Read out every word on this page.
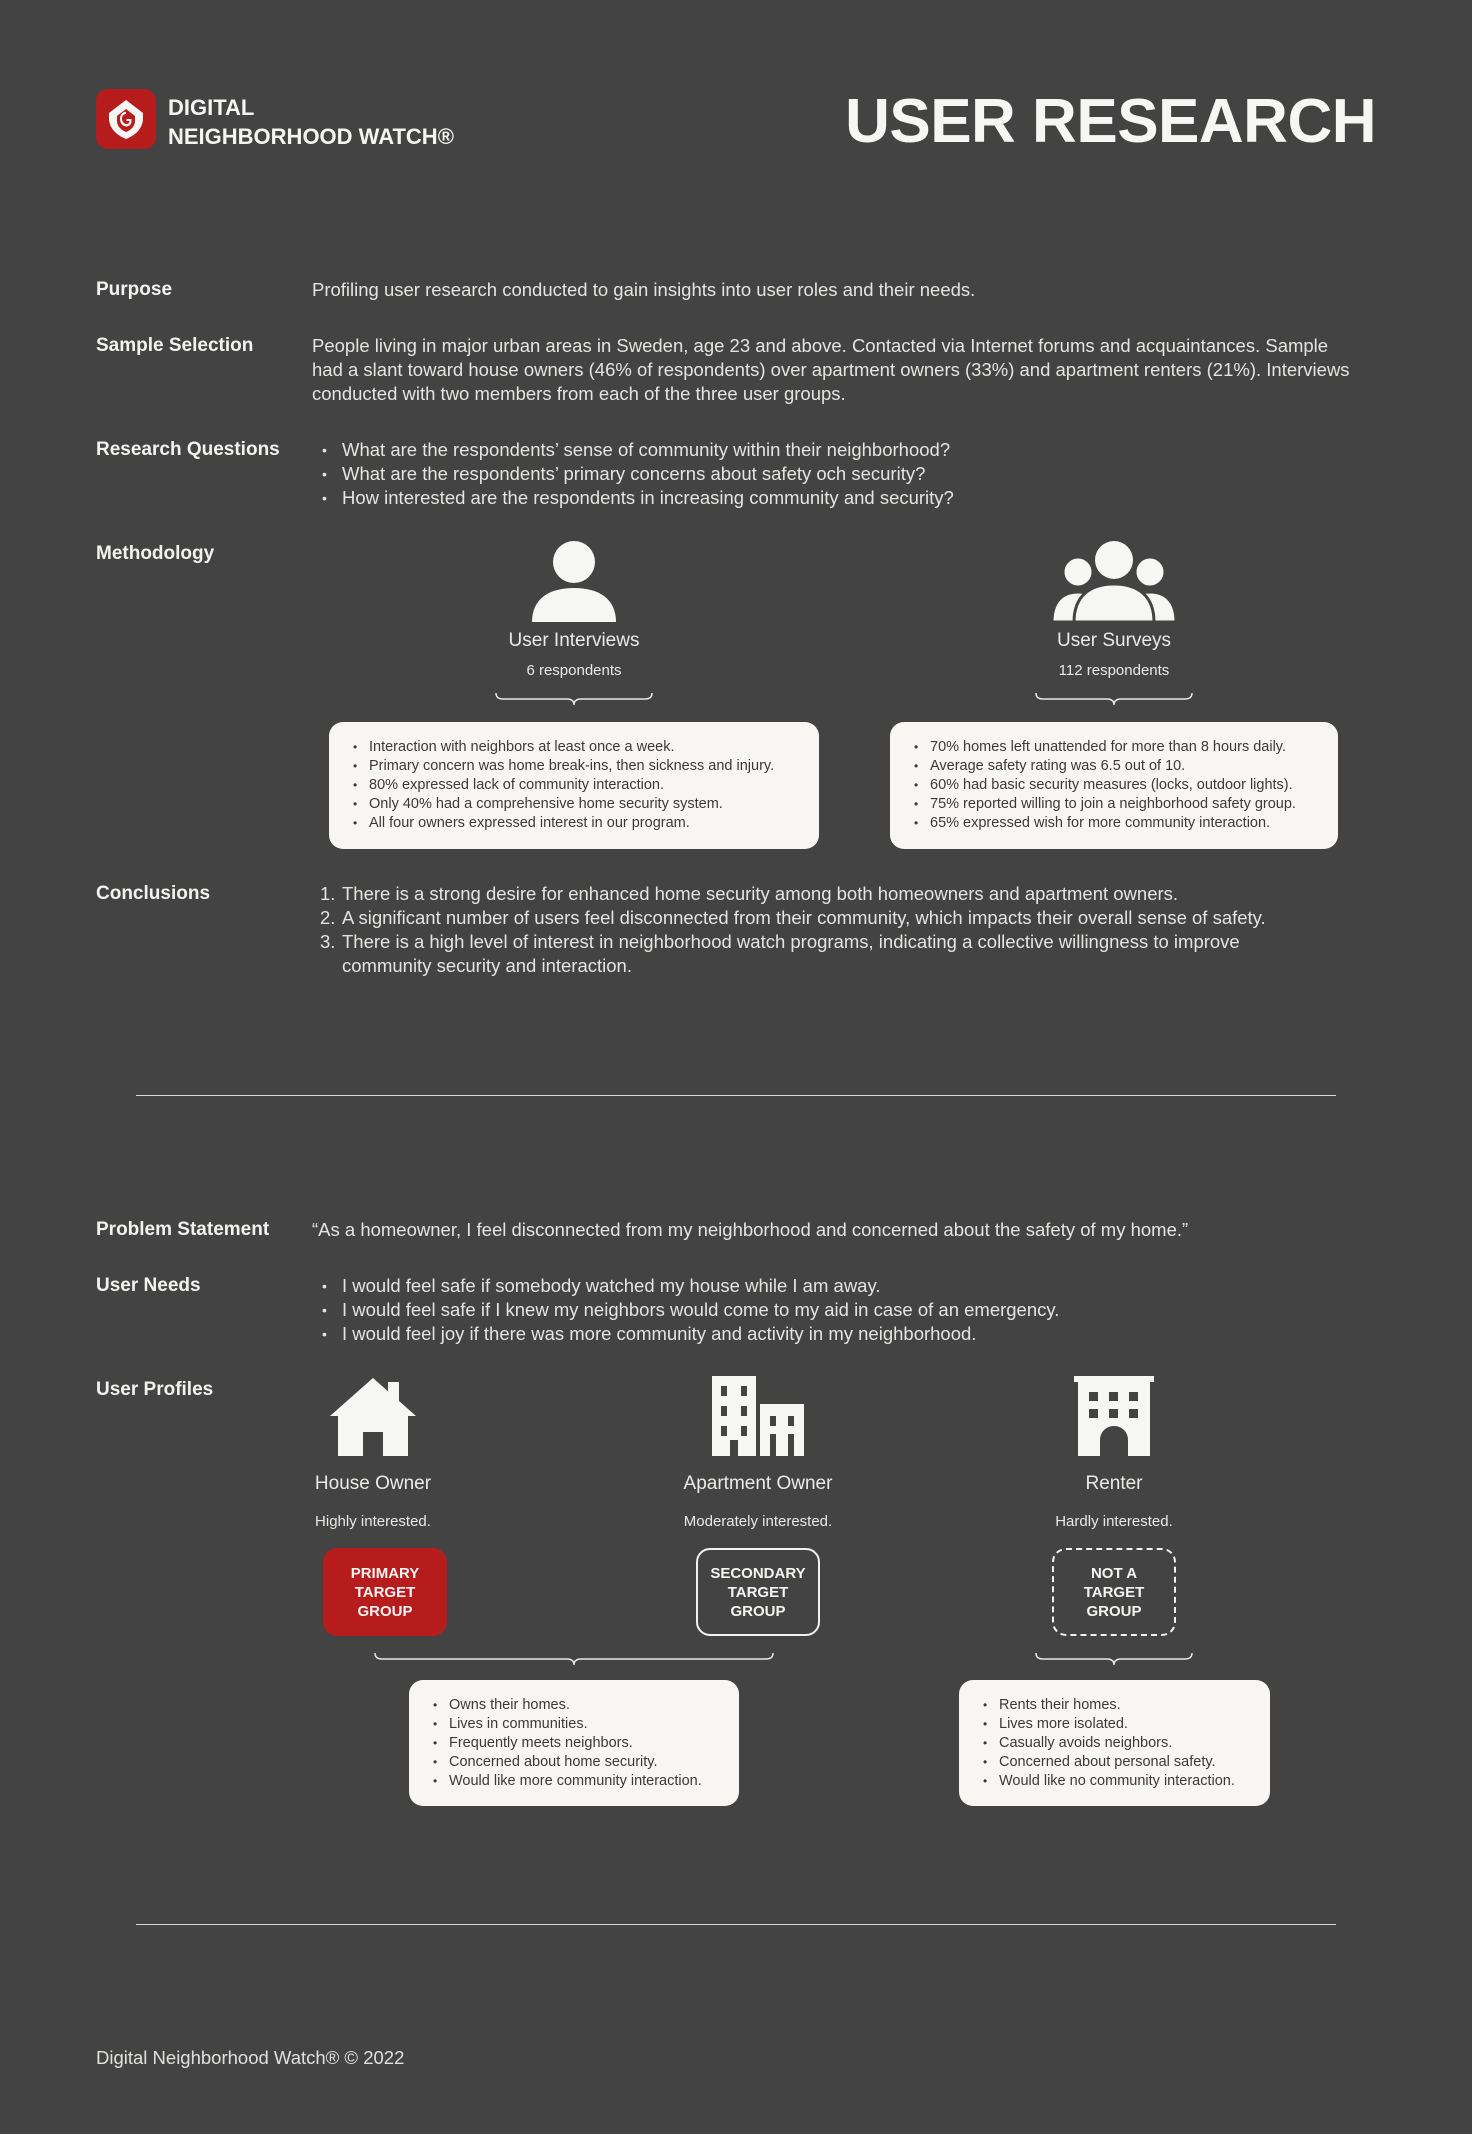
DIGITAL
NEIGHBORHOOD WATCH®	USER RESEARCH
Purpose	Profiling user research conducted to gain insights into user roles and their needs.

Sample Selection	People living in major urban areas in Sweden, age 23 and above. Contacted via Internet forums and acquaintances. Sample

had a slant toward house owners (46% of respondents) over apartment owners (33%) and apartment renters (21%). Interviews

conducted with two members from each of the three user groups.

Research Questions	• What are the respondents’ sense of community within their neighborhood?
• What are the respondents’ primary concerns about safety och security?
• How interested are the respondents in increasing community and security?
Methodology
User Interviews
6 respondents
User Surveys
112 respondents
• Interaction with neighbors at least once a week.
• Primary concern was home break-ins, then sickness and injury.
• 80% expressed lack of community interaction.
• Only 40% had a comprehensive home security system.
• All four owners expressed interest in our program.
• 70% homes left unattended for more than 8 hours daily.
• Average safety rating was 6.5 out of 10.
• 60% had basic security measures (locks, outdoor lights).
• 75% reported willing to join a neighborhood safety group.
• 65% expressed wish for more community interaction.
Conclusions	1. There is a strong desire for enhanced home security among both homeowners and apartment owners.
2. A significant number of users feel disconnected from their community, which impacts their overall sense of safety.
3. There is a high level of interest in neighborhood watch programs, indicating a collective willingness to improve
community security and interaction.
Problem Statement “As a homeowner, I feel disconnected from my neighborhood and concerned about the safety of my home.”

User Needs	• I would feel safe if somebody watched my house while I am away.
• I would feel safe if I knew my neighbors would come to my aid in case of an emergency.
• I would feel joy if there was more community and activity in my neighborhood.
User Profiles
House Owner
Highly interested.
PRIMARY
TARGET
GROUP
Apartment Owner
Moderately interested.
SECONDARY
TARGET
GROUP
Renter
Hardly interested.
NOT A
TARGET
GROUP
• Owns their homes.
• Lives in communities.
• Frequently meets neighbors.
• Concerned about home security.
• Would like more community interaction.
• Rents their homes.
• Lives more isolated.
• Casually avoids neighbors.
• Concerned about personal safety.
• Would like no community interaction.
Digital Neighborhood Watch® © 2022
